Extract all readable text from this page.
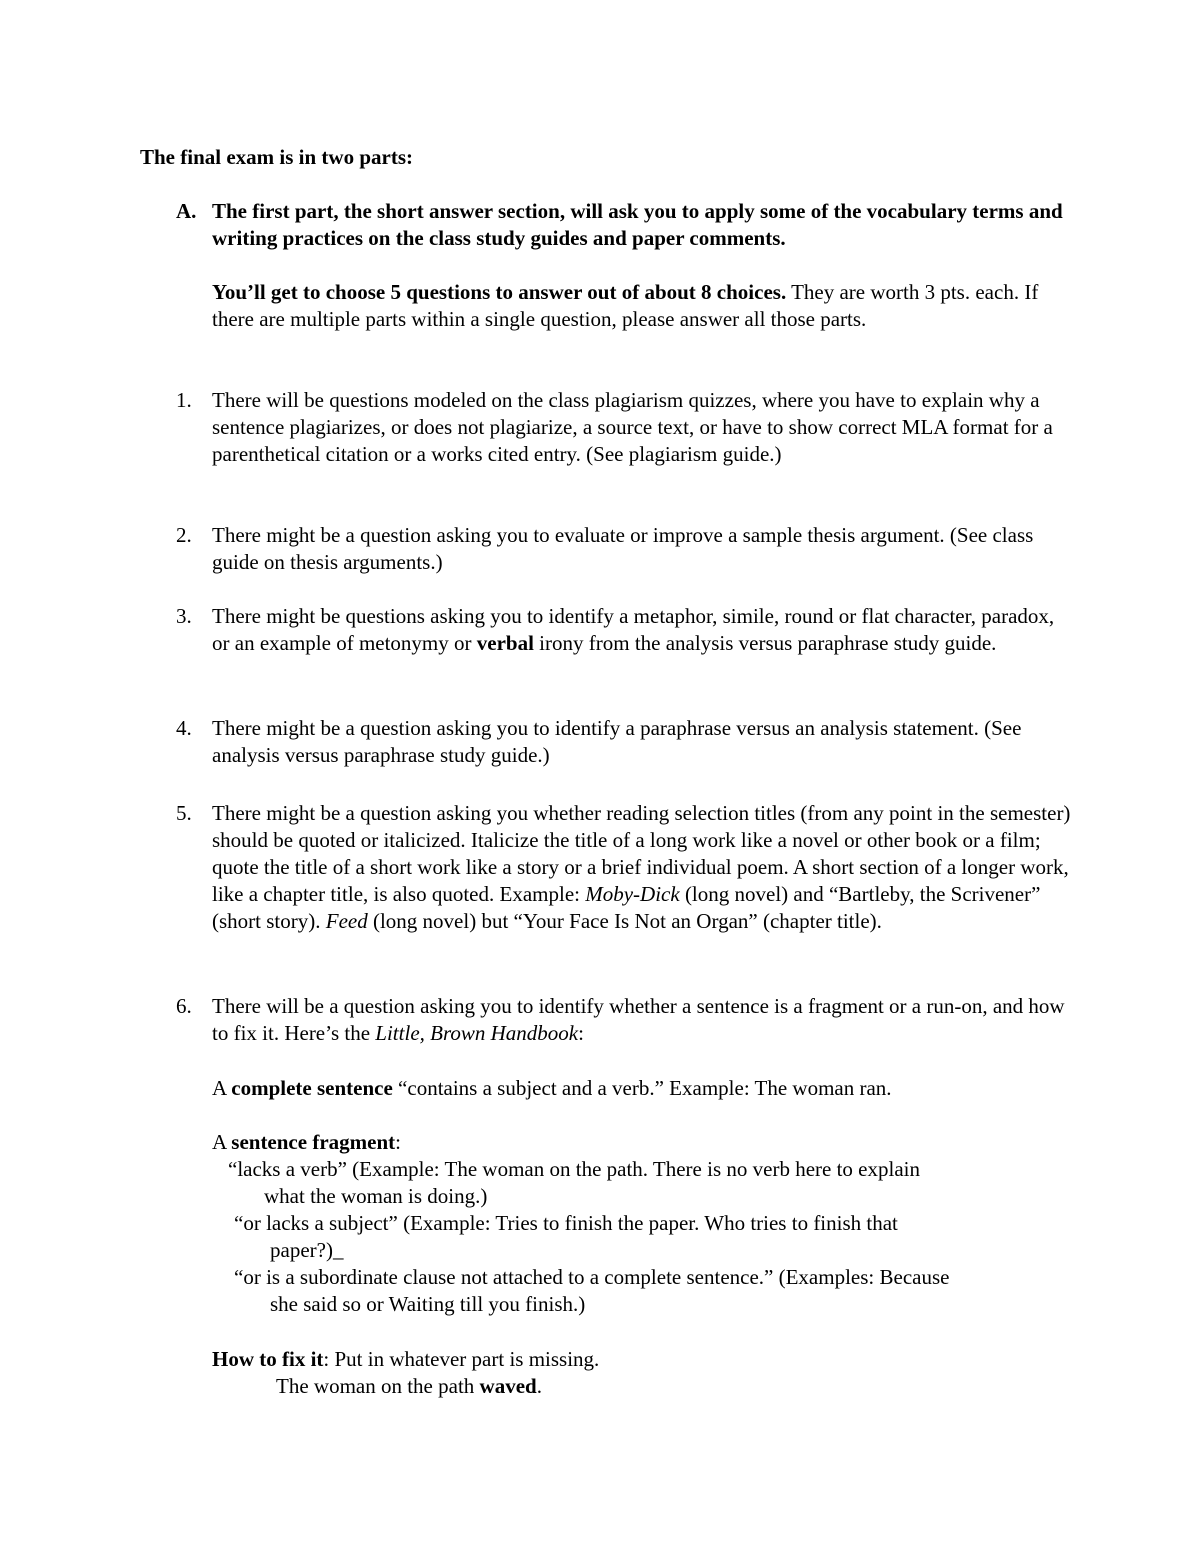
The final exam is in two parts:
A. The first part, the short answer section, will ask you to apply some of the vocabulary terms and writing practices on the class study guides and paper comments.
You’ll get to choose 5 questions to answer out of about 8 choices. They are worth 3 pts. each. If there are multiple parts within a single question, please answer all those parts.
1. There will be questions modeled on the class plagiarism quizzes, where you have to explain why a sentence plagiarizes, or does not plagiarize, a source text, or have to show correct MLA format for a parenthetical citation or a works cited entry. (See plagiarism guide.)
2. There might be a question asking you to evaluate or improve a sample thesis argument. (See class guide on thesis arguments.)
3. There might be questions asking you to identify a metaphor, simile, round or flat character, paradox, or an example of metonymy or verbal irony from the analysis versus paraphrase study guide.
4. There might be a question asking you to identify a paraphrase versus an analysis statement. (See analysis versus paraphrase study guide.)
5. There might be a question asking you whether reading selection titles (from any point in the semester) should be quoted or italicized. Italicize the title of a long work like a novel or other book or a film; quote the title of a short work like a story or a brief individual poem. A short section of a longer work, like a chapter title, is also quoted. Example: Moby-Dick (long novel) and “Bartleby, the Scrivener” (short story). Feed (long novel) but “Your Face Is Not an Organ” (chapter title).
6. There will be a question asking you to identify whether a sentence is a fragment or a run-on, and how to fix it. Here’s the Little, Brown Handbook:
A complete sentence “contains a subject and a verb.” Example: The woman ran.
A sentence fragment:
“lacks a verb” (Example: The woman on the path. There is no verb here to explain
what the woman is doing.)
“or lacks a subject” (Example: Tries to finish the paper. Who tries to finish that
paper?)_
“or is a subordinate clause not attached to a complete sentence.” (Examples: Because
she said so or Waiting till you finish.)
How to fix it: Put in whatever part is missing.
The woman on the path waved.
